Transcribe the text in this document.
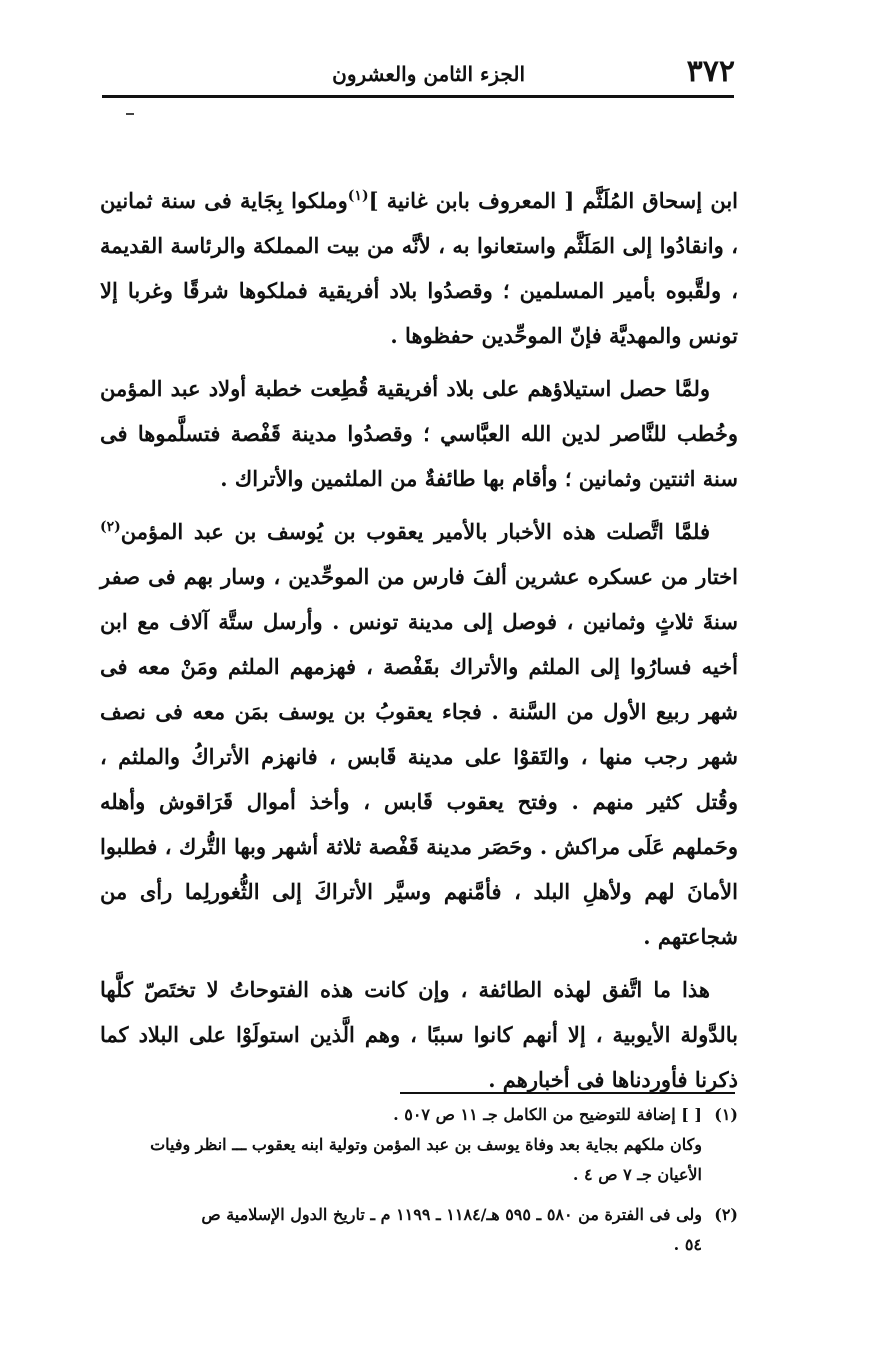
٣٧٢
الجزء الثامن والعشرون

ابن إسحاق المُلَثَّم [ المعروف بابن غانية ]$^{(١)}$وملكوا بِجَاية فى سنة ثمانين ، وانقادُوا إلى المَلَثَّم واستعانوا به ، لأنَّه من بيت المملكة والرئاسة القديمة ، ولقَّبوه بأمير المسلمين ؛ وقصدُوا بلاد أفريقية فملكوها شرقًا وغربا إلا تونس والمهديَّة فإنّ الموحِّدين حفظوها .

ولمَّا حصل استيلاؤهم على بلاد أفريقية قُطِعت خطبة أولاد عبد المؤمن وخُطب للنَّاصر لدين الله العبَّاسي ؛ وقصدُوا مدينة قَفْصة فتسلَّموها فى سنة اثنتين وثمانين ؛ وأقام بها طائفةٌ من الملثمين والأتراك .

فلمَّا اتَّصلت هذه الأخبار بالأمير يعقوب بن يُوسف بن عبد المؤمن$^{(٢)}$ اختار من عسكره عشرين ألفَ فارس من الموحِّدين ، وسار بهم فى صفر سنةَ ثلاثٍ وثمانين ، فوصل إلى مدينة تونس . وأرسل ستَّة آلاف مع ابن أخيه فسارُوا إلى الملثم والأتراك بقَفْصة ، فهزمهم الملثم ومَنْ معه فى شهر ربيع الأول من السَّنة . فجاء يعقوبُ بن يوسف بمَن معه فى نصف شهر رجب منها ، والتَقوْا على مدينة قَابس ، فانهزم الأتراكُ والملثم ، وقُتل كثير منهم . وفتح يعقوب قَابس ، وأخذ أموال قَرَاقوش وأهله وحَملهم عَلَى مراكش . وحَصَر مدينة قَفْصة ثلاثة أشهر وبها التُّرك ، فطلبوا الأمانَ لهم ولأهلِ البلد ، فأمَّنهم وسيَّر الأتراكَ إلى الثُّغورلِما رأى من شجاعتهم .

هذا ما اتَّفق لهذه الطائفة ، وإن كانت هذه الفتوحاتُ لا تختَصّ كلَّها بالدَّولة الأيوبية ، إلا أنهم كانوا سببًا ، وهم الَّذين استولَوْا على البلاد كما ذكرنا فأوردناها فى أخبارهم .

(١)
[ ] إضافة للتوضيح من الكامل جـ ١١ ص ٥٠٧ .
وكان ملكهم بجاية بعد وفاة يوسف بن عبد المؤمن وتولية ابنه يعقوب ـــ انظر وفيات
الأعيان جـ ٧ ص ٤ .
(٢)
ولى فى الفترة من ٥٨٠ ـ ٥٩٥ هـ/١١٨٤ ـ ١١٩٩ م ـ تاريخ الدول الإسلامية ص
٥٤ .
